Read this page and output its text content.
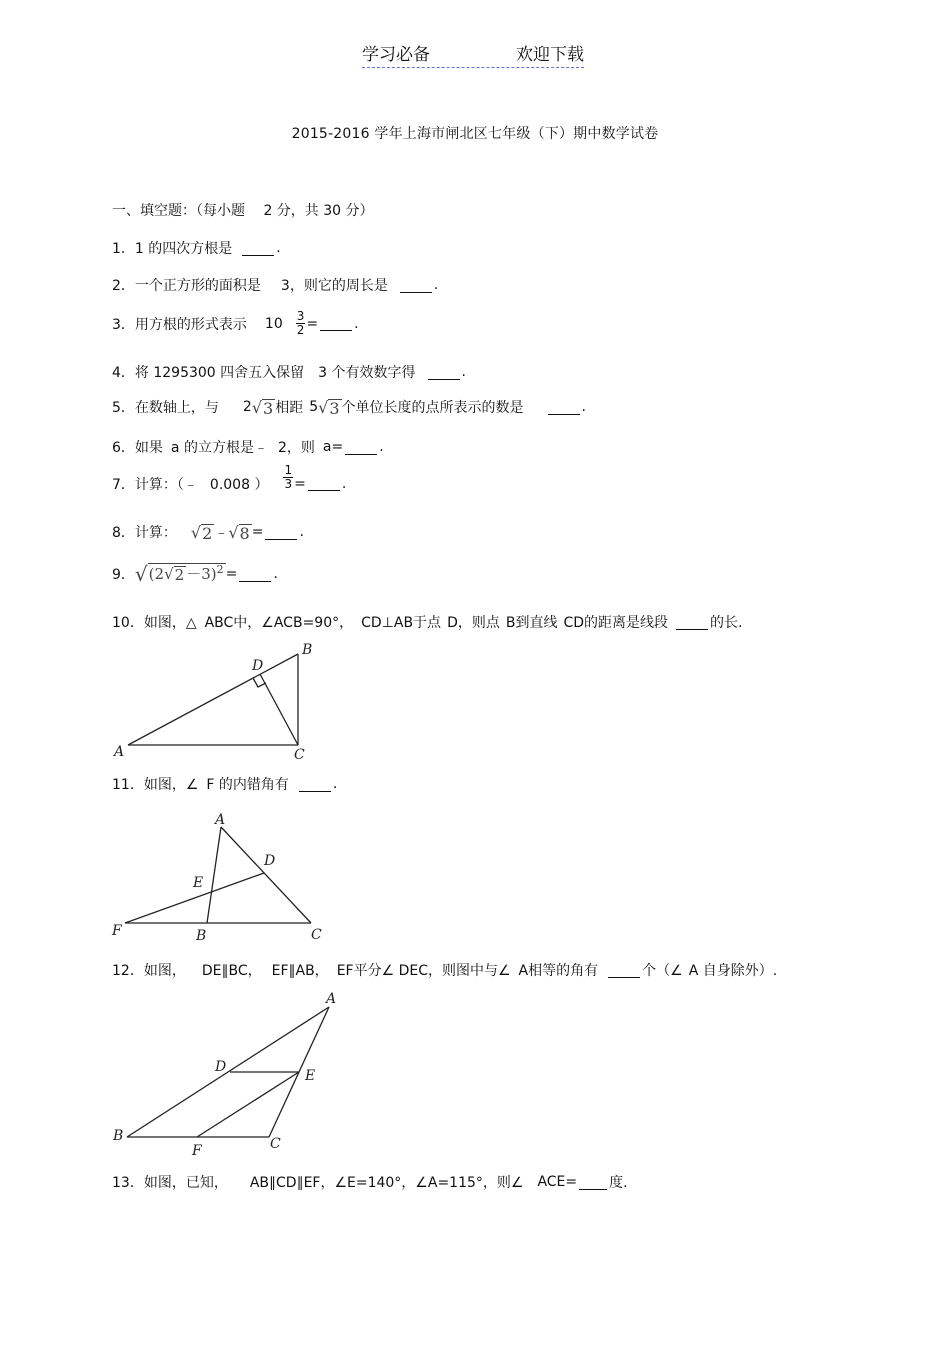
学习必备	欢迎下载
2015-2016 学年上海市闸北区七年级（下）期中数学试卷
一、填空题：（每小题　 2 分，共 30 分）
1．1 的四次方根是	.
2．一个正方形的面积是 3，则它的周长是	.
3．用方根的形式表示 $10 \frac{3}{2}$ =	.
4．将 1295300 四舍五入保留 3 个有效数字得	.
5．在数轴上，与 2 √ 3 相距 5 √ 3 个单位长度的点所表示的数是	.
6．如果 a 的立方根是﹣ 2，则 a=	.
7．计算：（﹣ 0.008 ） $\frac{1}{3}$ =	.
8．计算： √ 2 ﹣ √ 8 =	.
9． √ (2√ 2 －3)$^2$ =	.
10．如图，△ ABC中，∠ACB=90°， CD⊥AB于点 D，则点 B到直线 CD的距离是线段	的长.
A
B
C
D
11．如图，∠ F 的内错角有	.
A
B	C
D
E
F
12．如图， DE∥BC， EF∥AB， EF平分∠ DEC，则图中与∠ A相等的角有	个（∠ A 自身除外）.
A
B	C
D
E
F
13．如图，已知， AB∥CD∥EF，∠E=140°，∠A=115°，则∠ ACE= 度.
